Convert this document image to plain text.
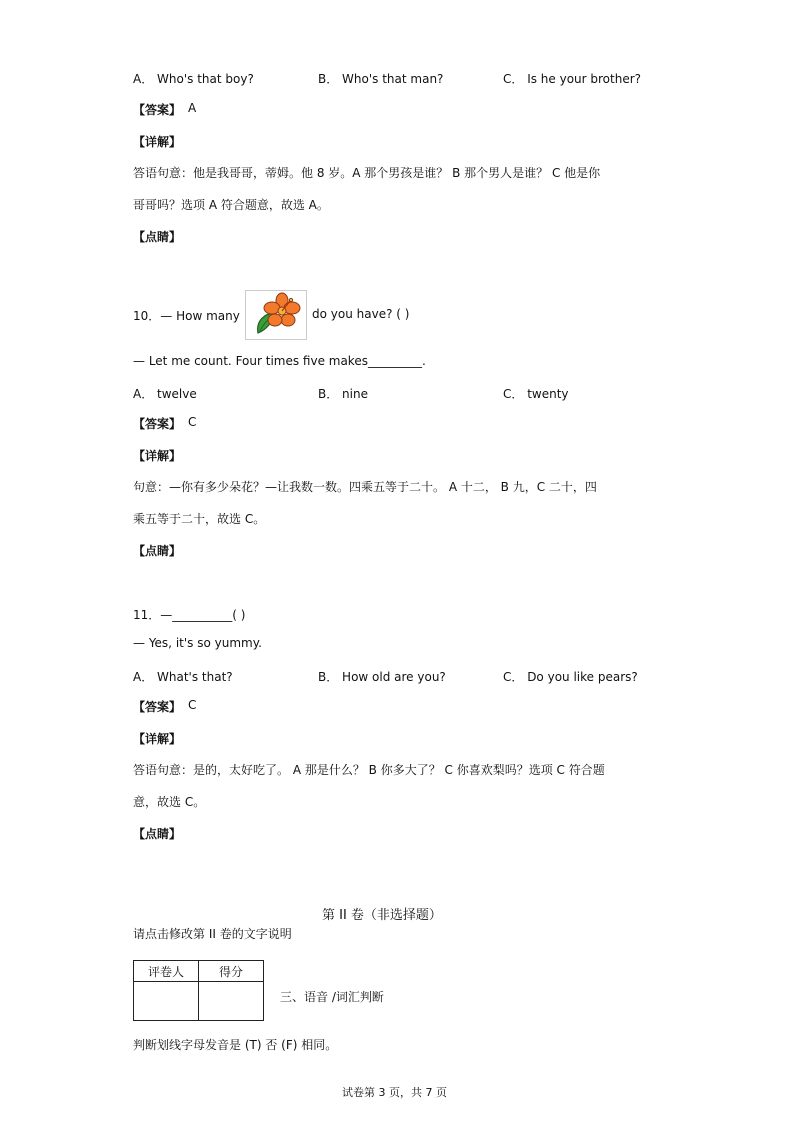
A． Who's that boy?	B． Who's that man?	C． Is he your brother?
【答案】 A
【详解】
答语句意：他是我哥哥，蒂姆。他 8 岁。A 那个男孩是谁？ B 那个男人是谁？ C 他是你
哥哥吗？选项 A 符合题意，故选 A。
【点睛】
10．— How many	do you have? ( )
— Let me count. Four times five makes_________.
A． twelve	B． nine	C． twenty
【答案】 C
【详解】
句意：—你有多少朵花？—让我数一数。四乘五等于二十。 A 十二， B 九，C 二十，四
乘五等于二十，故选 C。
【点睛】
11．—__________( )
— Yes, it's so yummy.
A． What's that?	B． How old are you?	C． Do you like pears?
【答案】 C
【详解】
答语句意：是的，太好吃了。 A 那是什么？ B 你多大了？ C 你喜欢梨吗？选项 C 符合题
意，故选 C。
【点睛】
第 II 卷（非选择题）
请点击修改第 II 卷的文字说明
评卷人	得分

三、语音 /词汇判断
判断划线字母发音是 (T) 否 (F) 相同。
试卷第 3 页，共 7 页
